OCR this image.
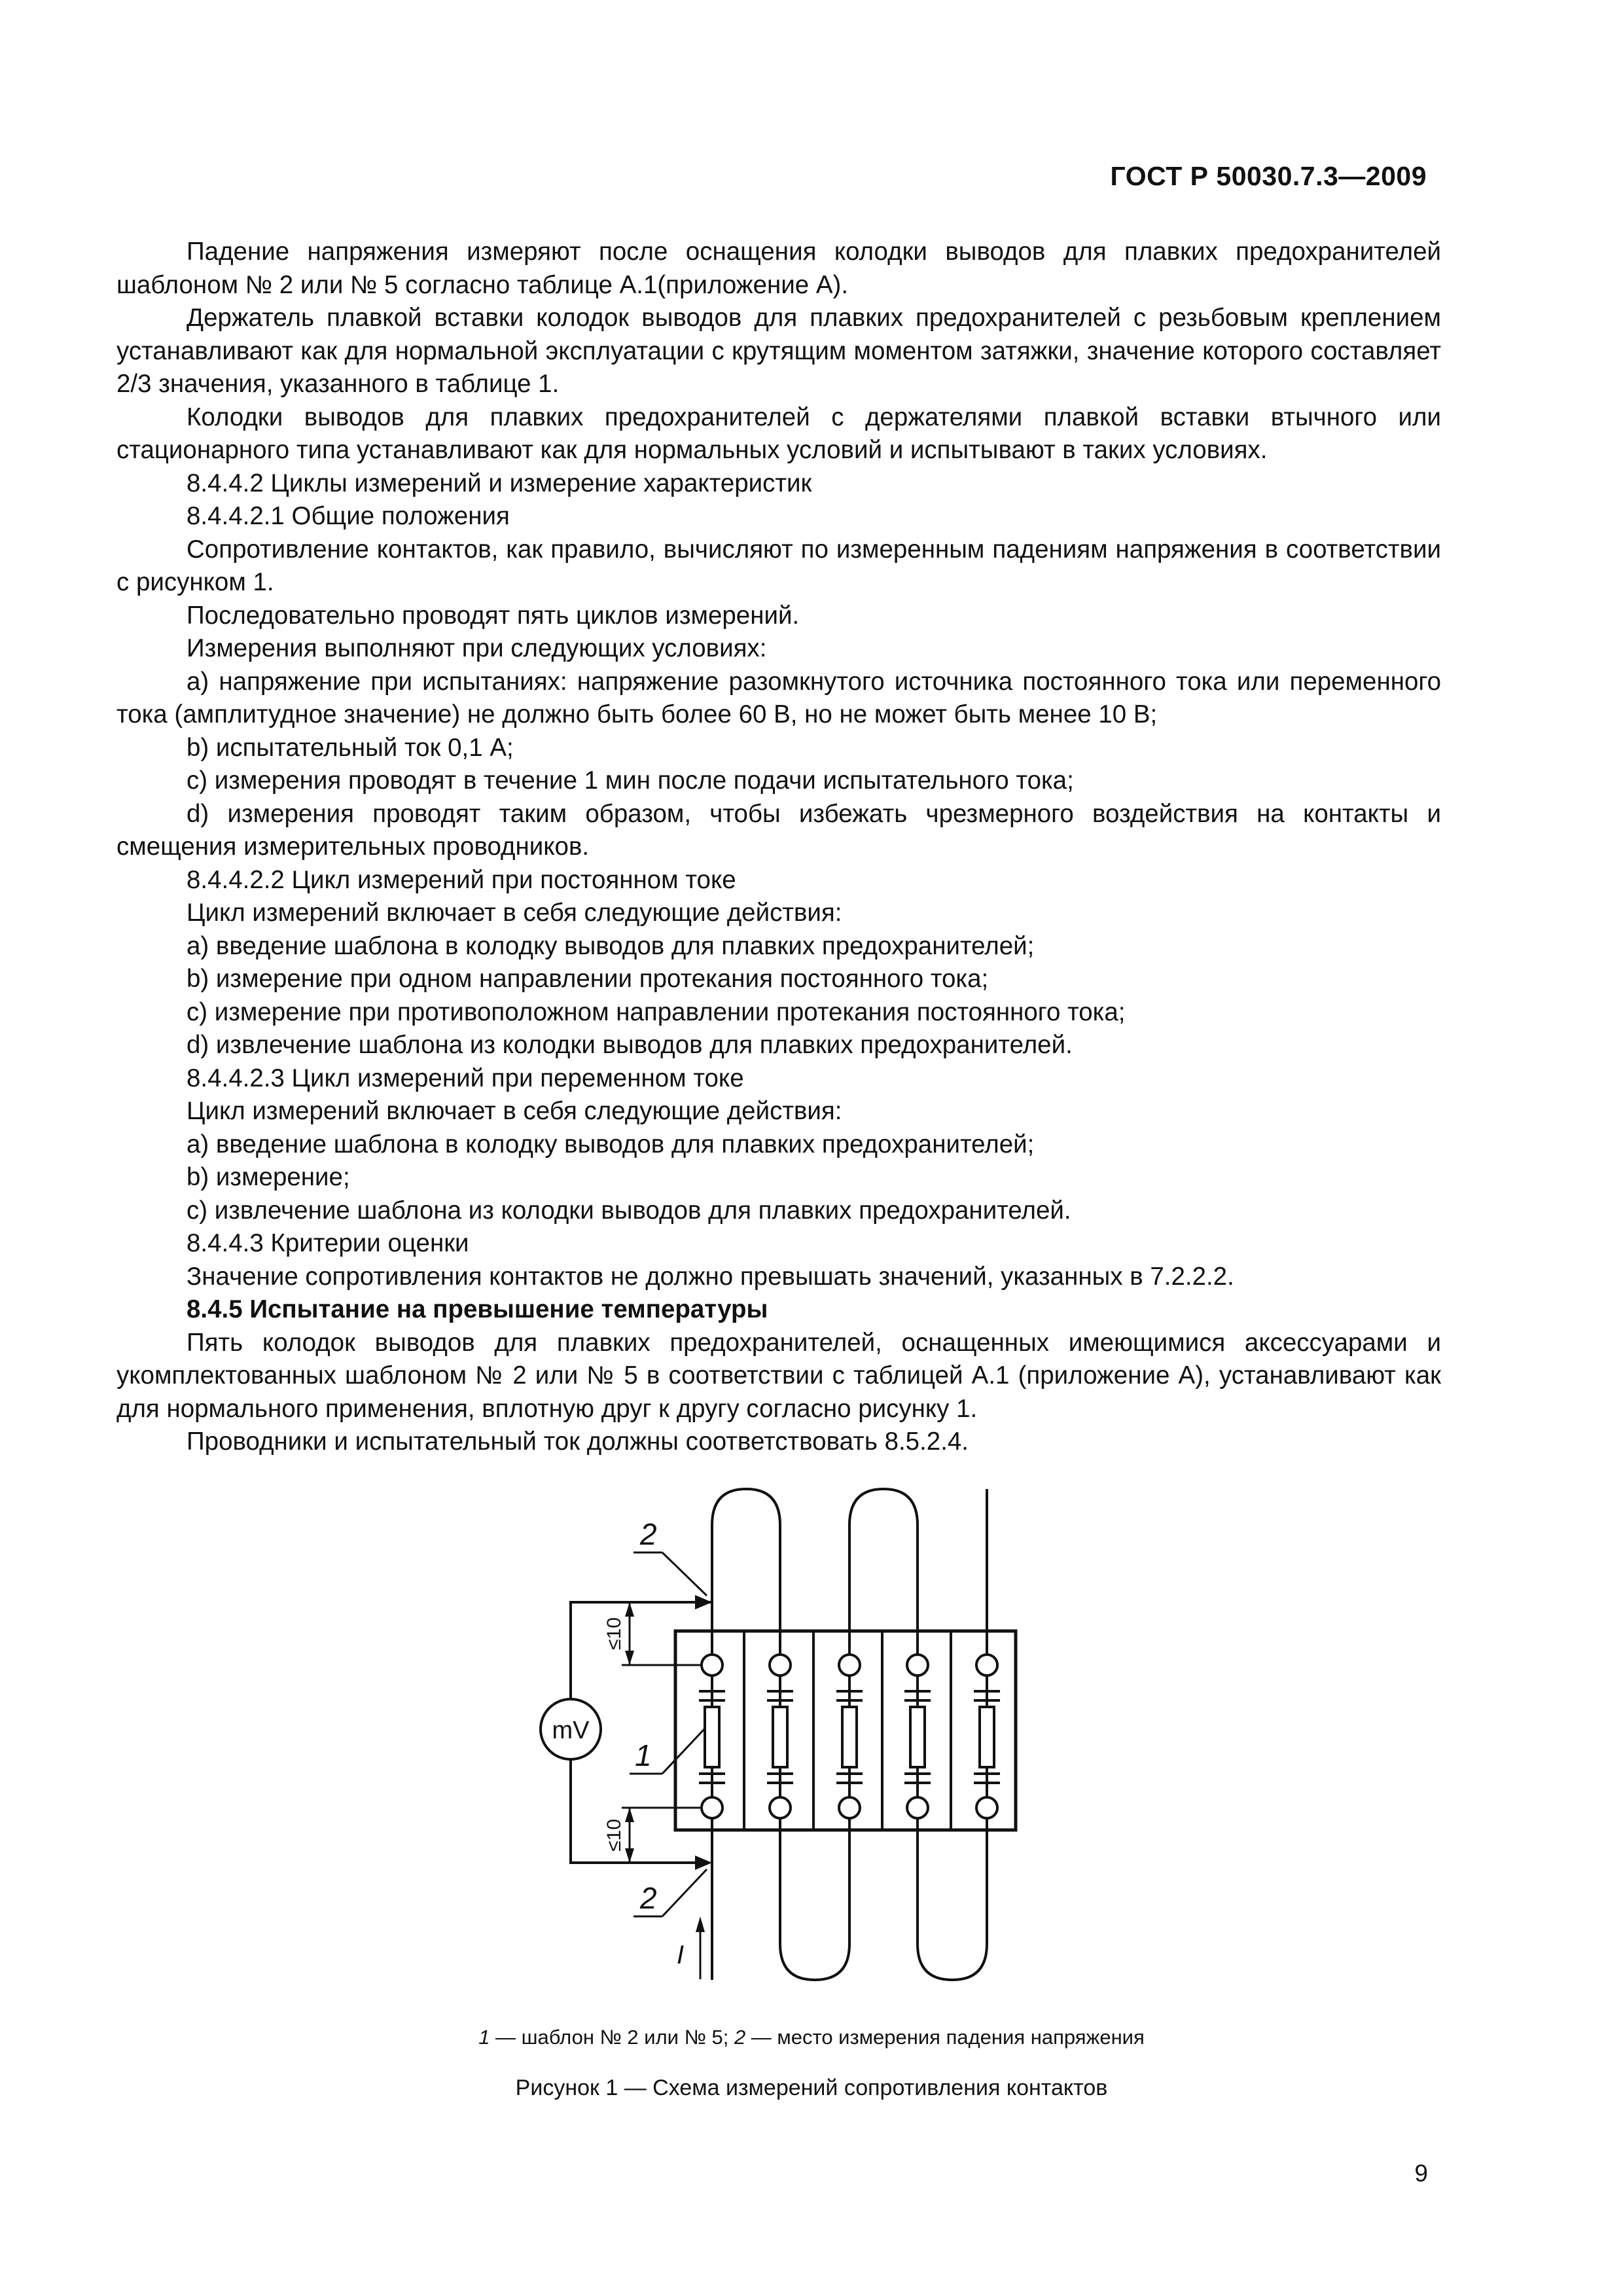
ГОСТ Р 50030.7.3—2009

Падение напряжения измеряют после оснащения колодки выводов для плавких предохранителей шаблоном № 2 или № 5 согласно таблице А.1(приложение А).

Держатель плавкой вставки колодок выводов для плавких предохранителей с резьбовым креплением устанавливают как для нормальной эксплуатации с крутящим моментом затяжки, значение которого составляет 2/3 значения, указанного в таблице 1.

Колодки выводов для плавких предохранителей с держателями плавкой вставки втычного или стационарного типа устанавливают как для нормальных условий и испытывают в таких условиях.

8.4.4.2 Циклы измерений и измерение характеристик

8.4.4.2.1 Общие положения

Сопротивление контактов, как правило, вычисляют по измеренным падениям напряжения в соответствии с рисунком 1.

Последовательно проводят пять циклов измерений.

Измерения выполняют при следующих условиях:

а) напряжение при испытаниях: напряжение разомкнутого источника постоянного тока или переменного тока (амплитудное значение) не должно быть более 60 В, но не может быть менее 10 В;

b) испытательный ток 0,1 А;

c) измерения проводят в течение 1 мин после подачи испытательного тока;

d) измерения проводят таким образом, чтобы избежать чрезмерного воздействия на контакты и смещения измерительных проводников.

8.4.4.2.2 Цикл измерений при постоянном токе

Цикл измерений включает в себя следующие действия:

а) введение шаблона в колодку выводов для плавких предохранителей;

b) измерение при одном направлении протекания постоянного тока;

c) измерение при противоположном направлении протекания постоянного тока;

d) извлечение шаблона из колодки выводов для плавких предохранителей.

8.4.4.2.3 Цикл измерений при переменном токе

Цикл измерений включает в себя следующие действия:

а) введение шаблона в колодку выводов для плавких предохранителей;

b) измерение;

c) извлечение шаблона из колодки выводов для плавких предохранителей.

8.4.4.3 Критерии оценки

Значение сопротивления контактов не должно превышать значений, указанных в 7.2.2.2.

8.4.5 Испытание на превышение температуры

Пять колодок выводов для плавких предохранителей, оснащенных имеющимися аксессуарами и укомплектованных шаблоном № 2 или № 5 в соответствии с таблицей А.1 (приложение А), устанавливают как для нормального применения, вплотную друг к другу согласно рисунку 1.

Проводники и испытательный ток должны соответствовать 8.5.2.4.

mV
≤10
≤10
2
1
2
I
1 — шаблон № 2 или № 5; 2 — место измерения падения напряжения
Рисунок 1 — Схема измерений сопротивления контактов
9
